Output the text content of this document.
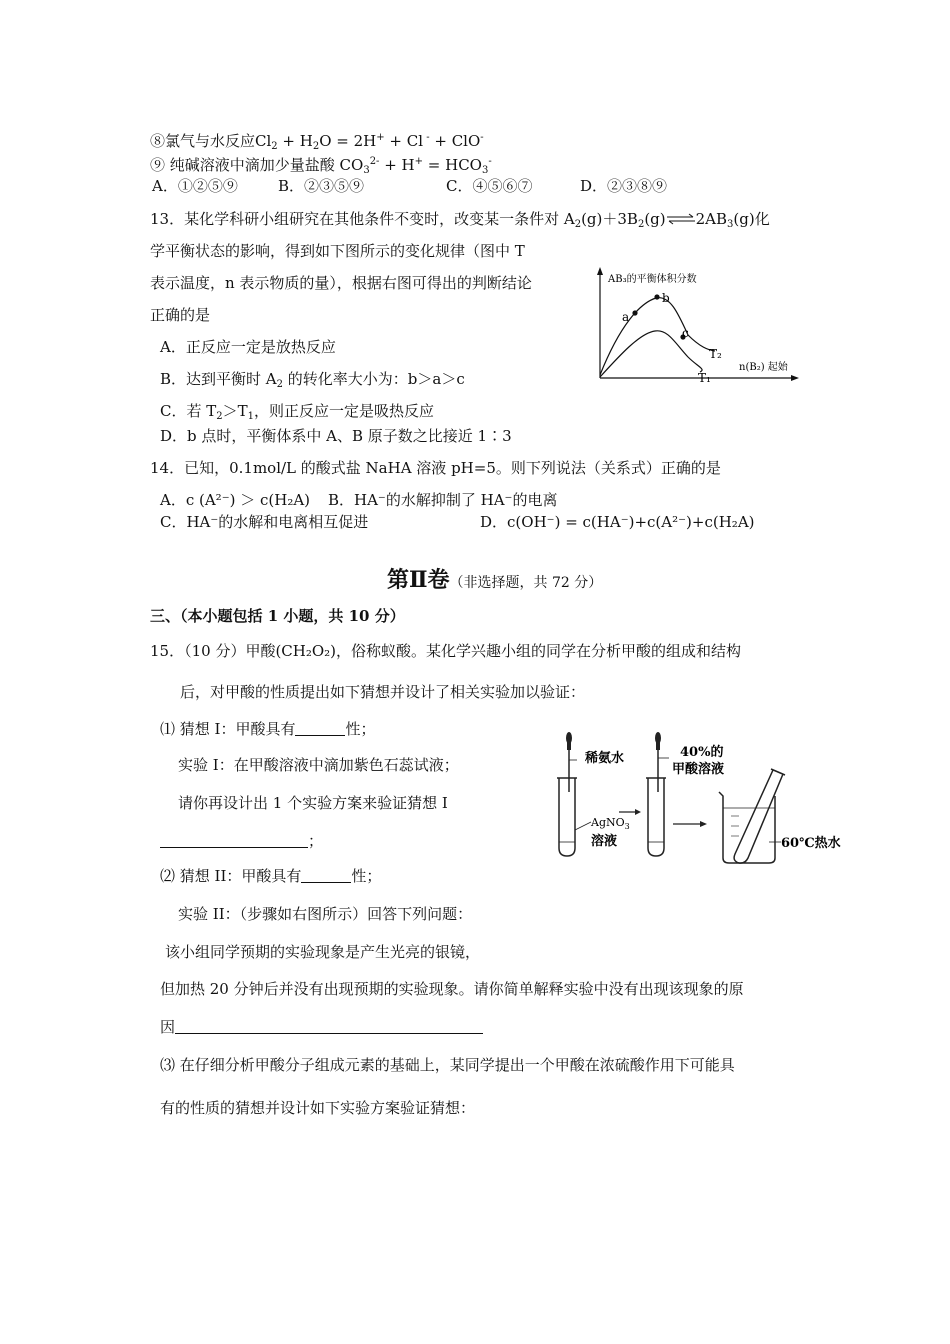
⑧氯气与水反应$Cl_2 + H_2O = 2H^+ + Cl$ - + ClO-
⑨ 纯碱溶液中滴加少量盐酸 $CO_3^{2-} + H^+ = HCO_3^-$
A．①②⑤⑨	B．②③⑤⑨	C．④⑤⑥⑦	D．②③⑧⑨
13．某化学科研小组研究在其他条件不变时，改变某一条件对 $A_2(g)+3B_2(g)\rightleftharpoons 2AB_3(g)$化
学平衡状态的影响，得到如下图所示的变化规律（图中 T
表示温度，n 表示物质的量），根据右图可得出的判断结论
正确的是
A．正反应一定是放热反应
B．达到平衡时 $A_2$ 的转化率大小为：b＞a＞c
C．若 $T_2>T_1$，则正反应一定是吸热反应
D．b 点时，平衡体系中 A、B 原子数之比接近 1∶3
AB₃的平衡体积分数
a
b
c
T₂
T₁
n(B₂) 起始
14．已知，0.1mol/L 的酸式盐 NaHA 溶液 pH=5。则下列说法（关系式）正确的是
A．c (A²⁻) ＞ c(H₂A) B．HA⁻的水解抑制了 HA⁻的电离
C．HA⁻的水解和电离相互促进	D．c(OH⁻) = c(HA⁻)+c(A²⁻)+c(H₂A)
第Ⅱ卷（非选择题，共 72 分）
三、（本小题包括 1 小题，共 10 分）
15．（10 分）甲酸(CH₂O₂)，俗称蚁酸。某化学兴趣小组的同学在分析甲酸的组成和结构
后，对甲酸的性质提出如下猜想并设计了相关实验加以验证：
⑴ 猜想 I：甲酸具有	性；
实验 I：在甲酸溶液中滴加紫色石蕊试液；
请你再设计出 1 个实验方案来验证猜想 I
；
⑵ 猜想 II：甲酸具有	性；
实验 II：（步骤如右图所示）回答下列问题：
该小组同学预期的实验现象是产生光亮的银镜，
但加热 20 分钟后并没有出现预期的实验现象。请你简单解释实验中没有出现该现象的原
因
⑶ 在仔细分析甲酸分子组成元素的基础上，某同学提出一个甲酸在浓硫酸作用下可能具
有的性质的猜想并设计如下实验方案验证猜想：
稀氨水
AgNO$_3$
溶液
40%的
甲酸溶液
60℃热水
